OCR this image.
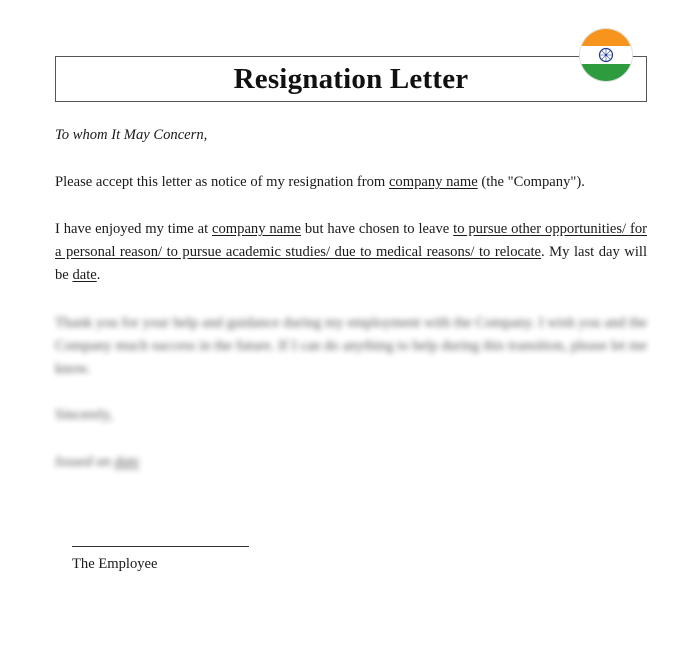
Resignation Letter
To whom It May Concern,
Please accept this letter as notice of my resignation from company name (the "Company").
I have enjoyed my time at company name but have chosen to leave to pursue other opportunities/ for a personal reason/ to pursue academic studies/ due to medical reasons/ to relocate. My last day will be date.
Thank you for your help and guidance during my employment with the Company. I wish you and the Company much success in the future. If I can do anything to help during this transition, please let me know.
Sincerely,
Issued on date
The Employee
